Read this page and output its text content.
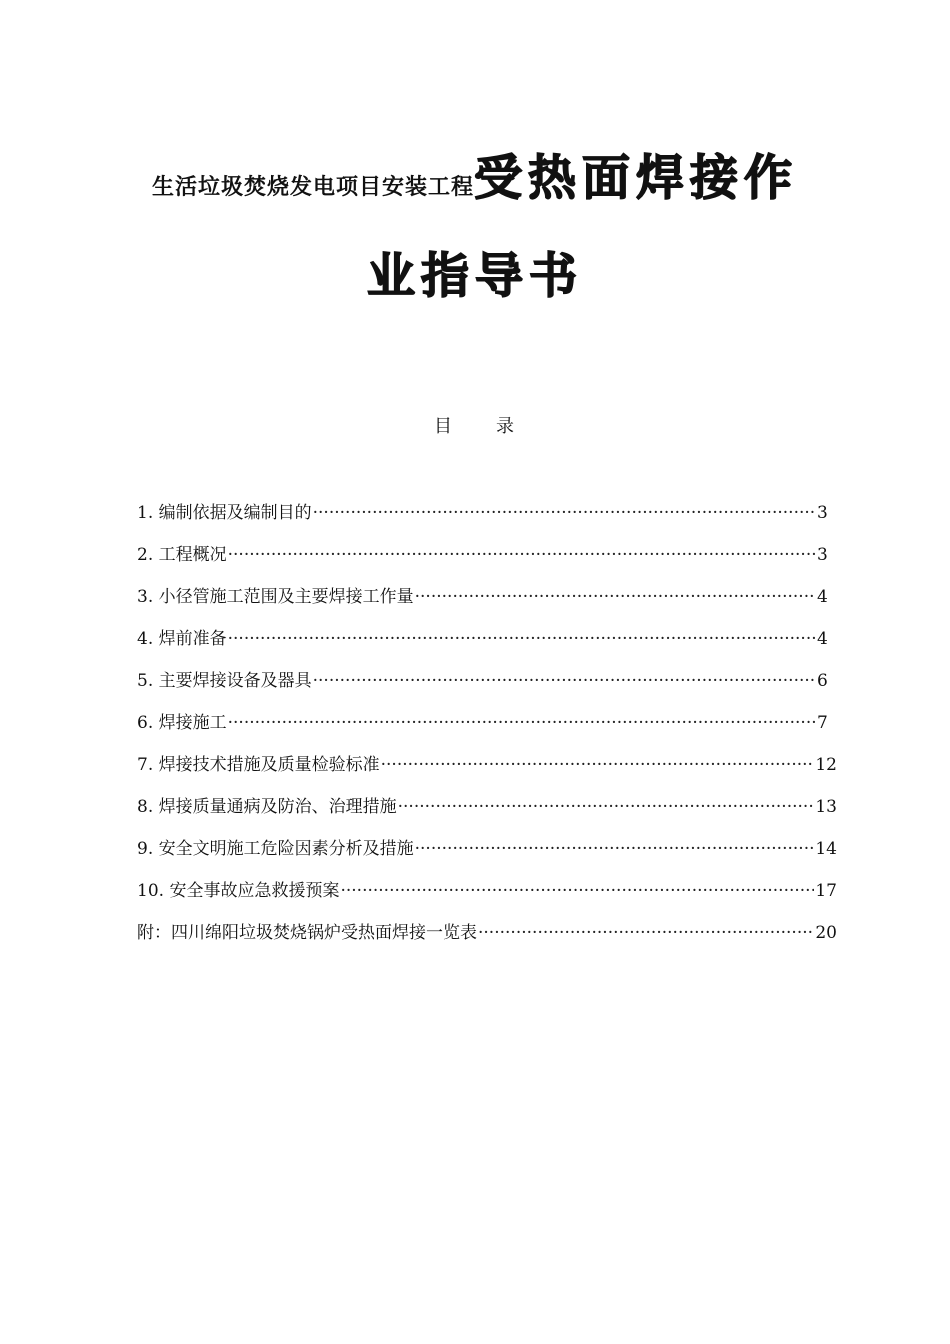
生活垃圾焚烧发电项目安装工程受热面焊接作
业指导书
目 录
1. 编制依据及编制目的 ·····	3
2. 工程概况 ·····	3
3. 小径管施工范围及主要焊接工作量 ·····	4
4. 焊前准备 ·····	4
5. 主要焊接设备及器具 ·····	6
6. 焊接施工 ·····	7
7. 焊接技术措施及质量检验标准 ·····	12
8. 焊接质量通病及防治、治理措施 ·····	13
9. 安全文明施工危险因素分析及措施 ·····	14
10. 安全事故应急救援预案 ·····	17
附：四川绵阳垃圾焚烧锅炉受热面焊接一览表 ·····	20
